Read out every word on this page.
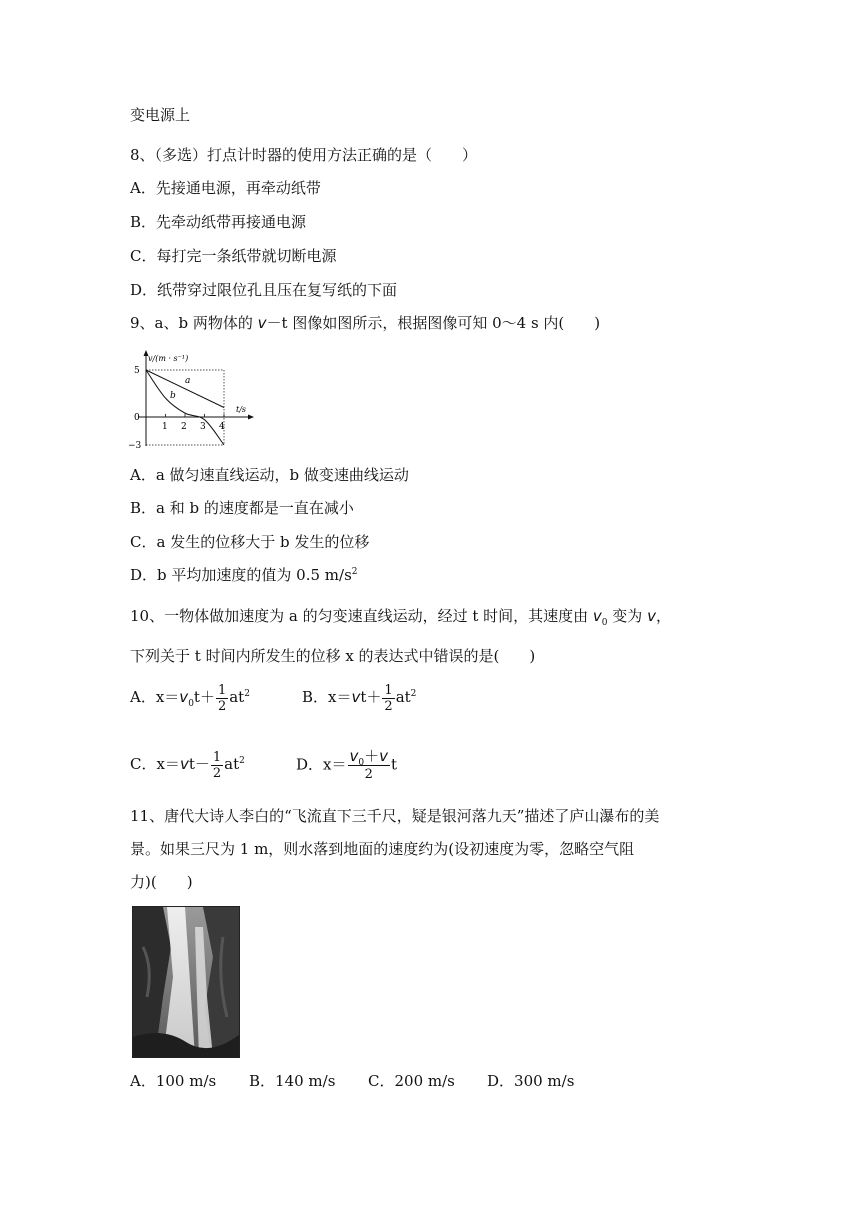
变电源上
8、（多选）打点计时器的使用方法正确的是（　　）
A．先接通电源，再牵动纸带
B．先牵动纸带再接通电源
C．每打完一条纸带就切断电源
D．纸带穿过限位孔且压在复写纸的下面
9、a、b 两物体的 v－t 图像如图所示，根据图像可知 0～4 s 内(　　)
v/(m · s⁻¹)
t/s
5
0
−3
1 2 3 4
a
b
A．a 做匀速直线运动，b 做变速曲线运动
B．a 和 b 的速度都是一直在减小
C．a 发生的位移大于 b 发生的位移
D．b 平均加速度的值为 0.5 $m/s^2$
10、一物体做加速度为 a 的匀变速直线运动，经过 t 时间，其速度由 $v_0$ 变为 v，
下列关于 t 时间内所发生的位移 x 的表达式中错误的是(　　)
A．$x=v_0t+ \frac{1}{2} at^2$	B．$x=vt+ \frac{1}{2} at^2$
C．$x=vt- \frac{1}{2} at^2$	D．$x= \frac{v_0+v}{2}$ t
11、唐代大诗人李白的“飞流直下三千尺，疑是银河落九天”描述了庐山瀑布的美
景。如果三尺为 1 m，则水落到地面的速度约为(设初速度为零，忽略空气阻
力)(　　)
A．100 m/s B．140 m/s C．200 m/s D．300 m/s
